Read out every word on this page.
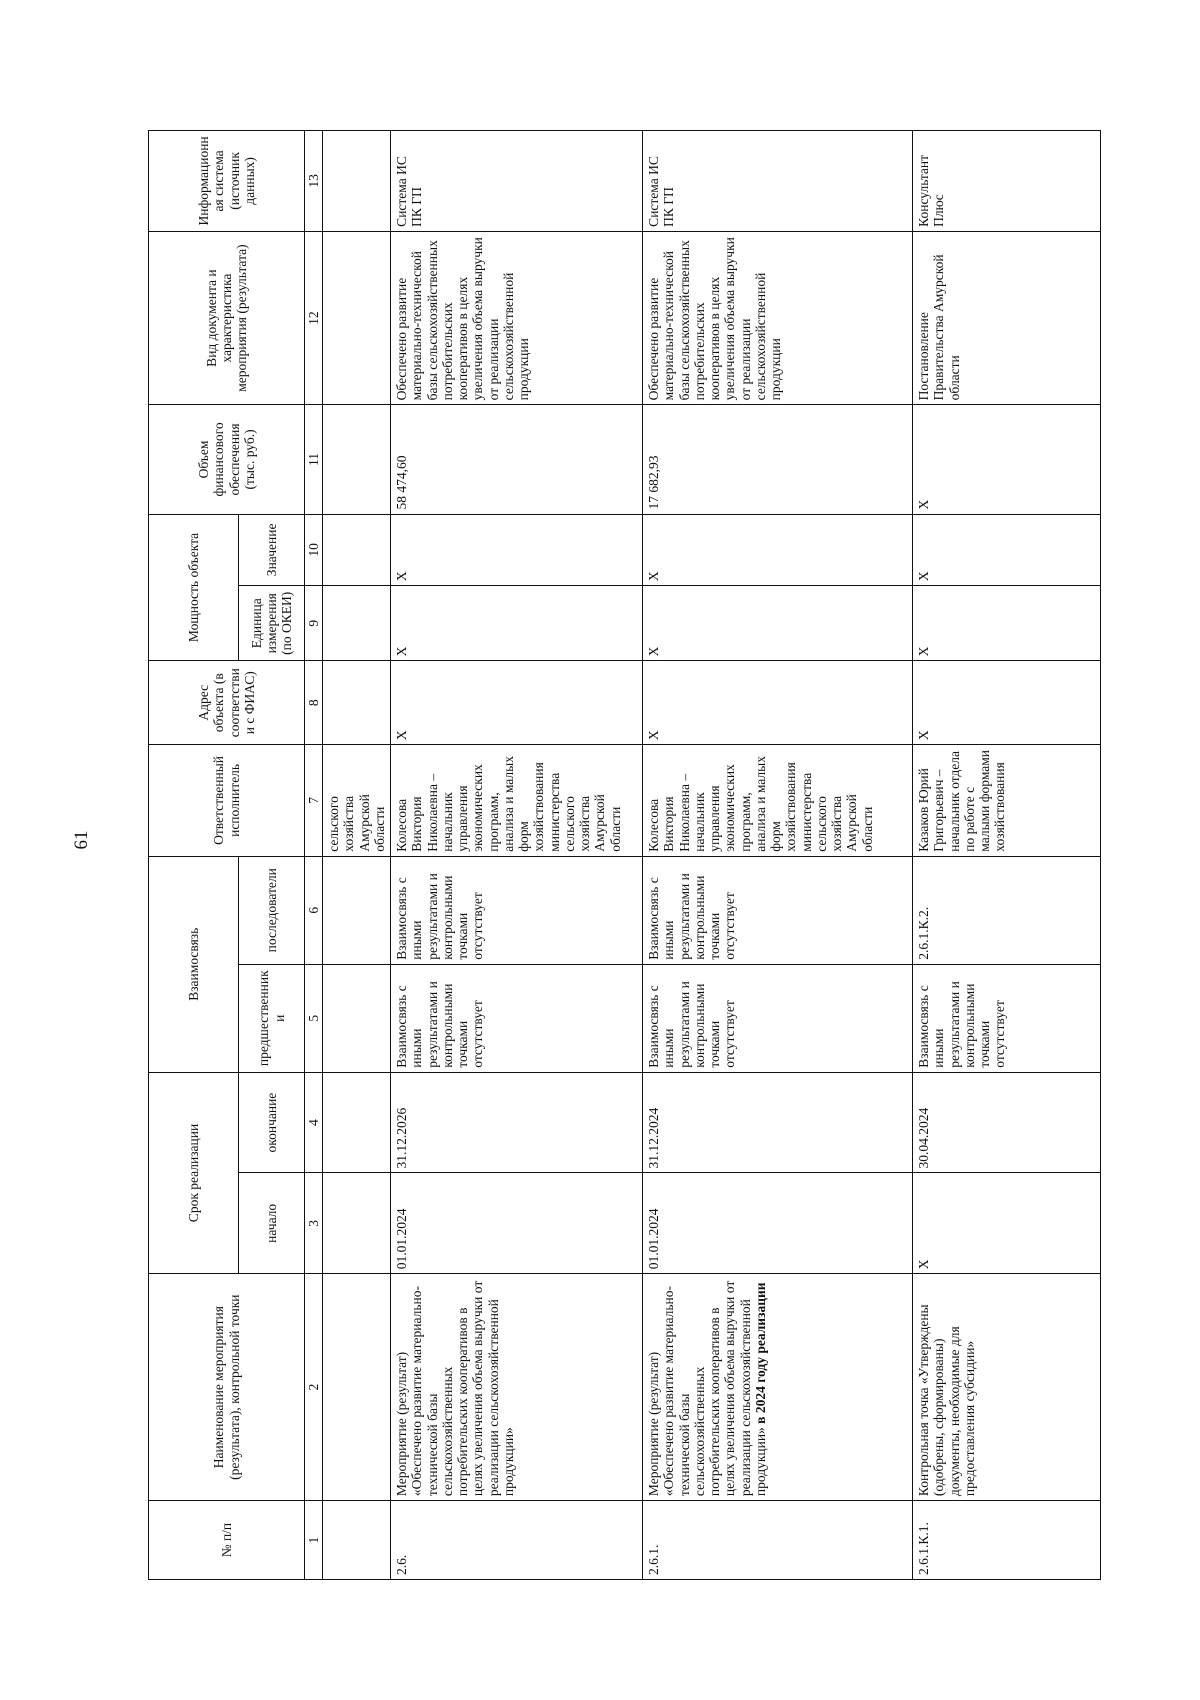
61
№ п/п	Наименование мероприятия (результата), контрольной точки	Срок реализации		Взаимосвязь		Ответственный исполнитель	Адрес объекта (в соответствии с ФИАС)	Мощность объекта		Объем финансового обеспечения (тыс. руб.)	Вид документа и характеристика мероприятия (результата)	Информационная система (источник данных)
		начало	окончание	предшественники	последователи			Единица измерения (по ОКЕИ)	Значение			
1	2	3	4	5	6	7	8	9	10	11	12	13
						сельского хозяйства Амурской области						
2.6.	Мероприятие (результат) «Обеспечено развитие материально-технической базы сельскохозяйственных потребительских кооперативов в целях увеличения объема выручки от реализации сельскохозяйственной продукции»	01.01.2024	31.12.2026	Взаимосвязь с иными результатами и контрольными точками отсутствует	Взаимосвязь с иными результатами и контрольными точками отсутствует	Колесова Виктория Николаевна – начальник управления экономических программ, анализа и малых форм хозяйствования министерства сельского хозяйства Амурской области	X	X	X	58 474,60	Обеспечено развитие материально-технической базы сельскохозяйственных потребительских кооперативов в целях увеличения объема выручки от реализации сельскохозяйственной продукции	Система ИС ПК ГП
2.6.1.	Мероприятие (результат) «Обеспечено развитие материально-технической базы сельскохозяйственных потребительских кооперативов в целях увеличения объема выручки от реализации сельскохозяйственной продукции» в 2024 году реализации	01.01.2024	31.12.2024	Взаимосвязь с иными результатами и контрольными точками отсутствует	Взаимосвязь с иными результатами и контрольными точками отсутствует	Колесова Виктория Николаевна – начальник управления экономических программ, анализа и малых форм хозяйствования министерства сельского хозяйства Амурской области	X	X	X	17 682,93	Обеспечено развитие материально-технической базы сельскохозяйственных потребительских кооперативов в целях увеличения объема выручки от реализации сельскохозяйственной продукции	Система ИС ПК ГП
2.6.1.К.1.	Контрольная точка «Утверждены (одобрены, сформированы) документы, необходимые для предоставления субсидии»	X	30.04.2024	Взаимосвязь с иными результатами и контрольными точками отсутствует	2.6.1.К.2.	Казаков Юрий Григорьевич – начальник отдела по работе с малыми формами хозяйствования	X	X	X	X	Постановление Правительства Амурской области	Консультант Плюс
